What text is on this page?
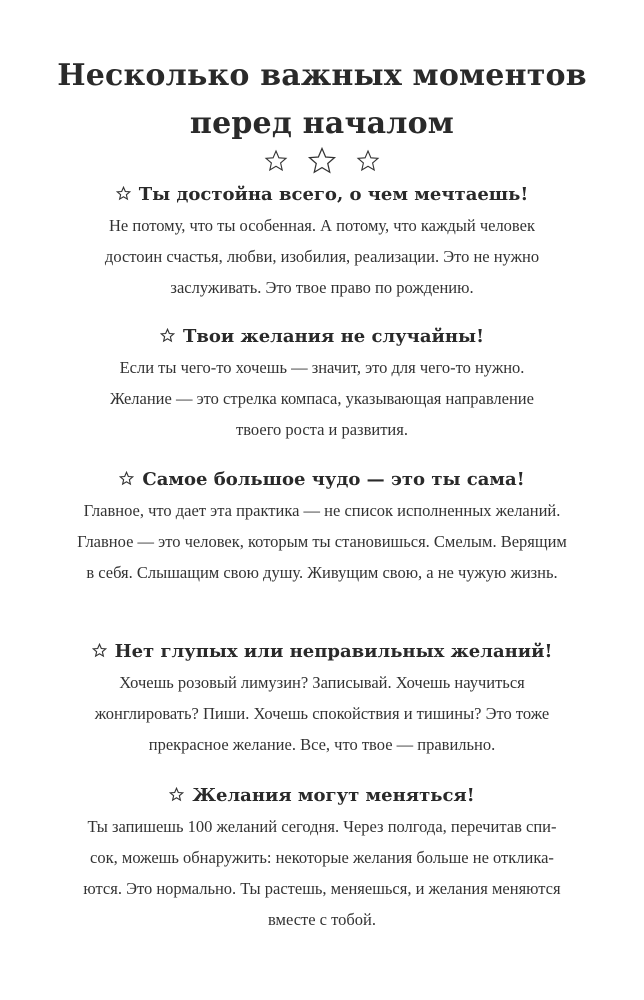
Несколько важных моментов
перед началом

Ты достойна всего, о чем мечтаешь!
Не потому, что ты особенная. А потому, что каждый человек
достоин счастья, любви, изобилия, реализации. Это не нужно
заслуживать. Это твое право по рождению.
Твои желания не случайны!
Если ты чего-то хочешь — значит, это для чего-то нужно.
Желание — это стрелка компаса, указывающая направление
твоего роста и развития.
Самое большое чудо — это ты сама!
Главное, что дает эта практика — не список исполненных желаний.
Главное — это человек, которым ты становишься. Смелым. Верящим
в себя. Слышащим свою душу. Живущим свою, а не чужую жизнь.
Нет глупых или неправильных желаний!
Хочешь розовый лимузин? Записывай. Хочешь научиться
жонглировать? Пиши. Хочешь спокойствия и тишины? Это тоже
прекрасное желание. Все, что твое — правильно.
Желания могут меняться!
Ты запишешь 100 желаний сегодня. Через полгода, перечитав спи-
сок, можешь обнаружить: некоторые желания больше не отклика-
ются. Это нормально. Ты растешь, меняешься, и желания меняются
вместе с тобой.
